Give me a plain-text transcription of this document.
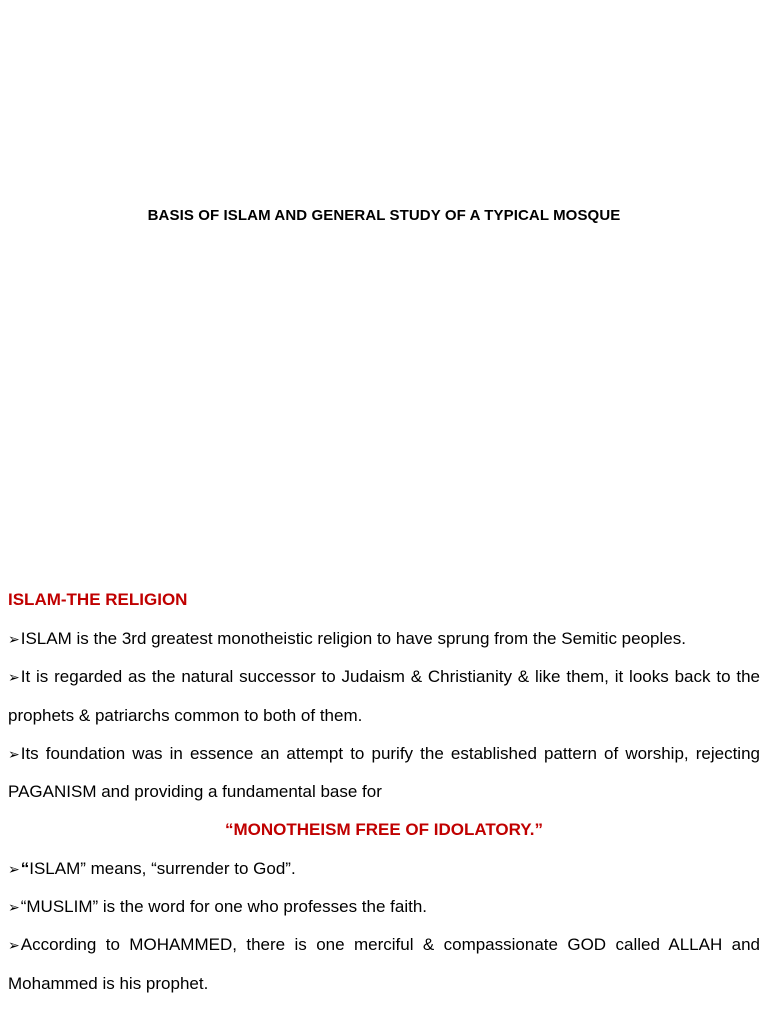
BASIS OF ISLAM AND GENERAL STUDY OF A TYPICAL MOSQUE
ISLAM-THE RELIGION

➢ISLAM is the 3rd greatest monotheistic religion to have sprung from the Semitic peoples.

➢It is regarded as the natural successor to Judaism & Christianity & like them, it looks back to the prophets & patriarchs common to both of them.

➢Its foundation was in essence an attempt to purify the established pattern of worship, rejecting PAGANISM and providing a fundamental base for

“MONOTHEISM FREE OF IDOLATORY.”

➢“ISLAM” means, “surrender to God”.

➢“MUSLIM” is the word for one who professes the faith.

➢According to MOHAMMED, there is one merciful & compassionate GOD called ALLAH and Mohammed is his prophet.
